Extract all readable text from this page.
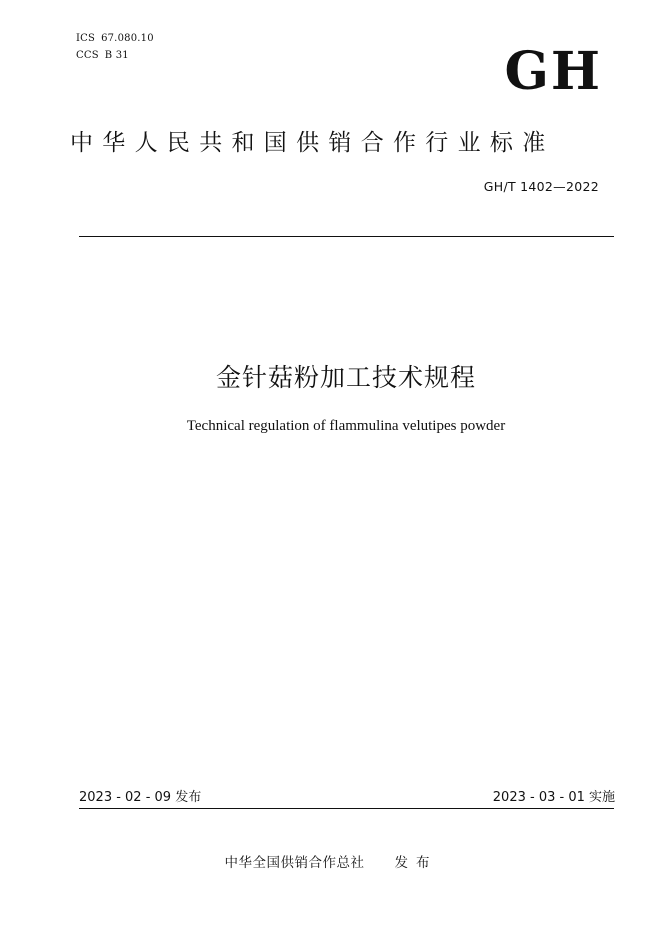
ICS 67.080.10
CCS B 31	GH
中华人民共和国供销合作行业标准
GH/T 1402—2022
金针菇粉加工技术规程
Technical regulation of flammulina velutipes powder
2023 - 02 - 09 发布	2023 - 03 - 01 实施
中华全国供销合作总社 发布
